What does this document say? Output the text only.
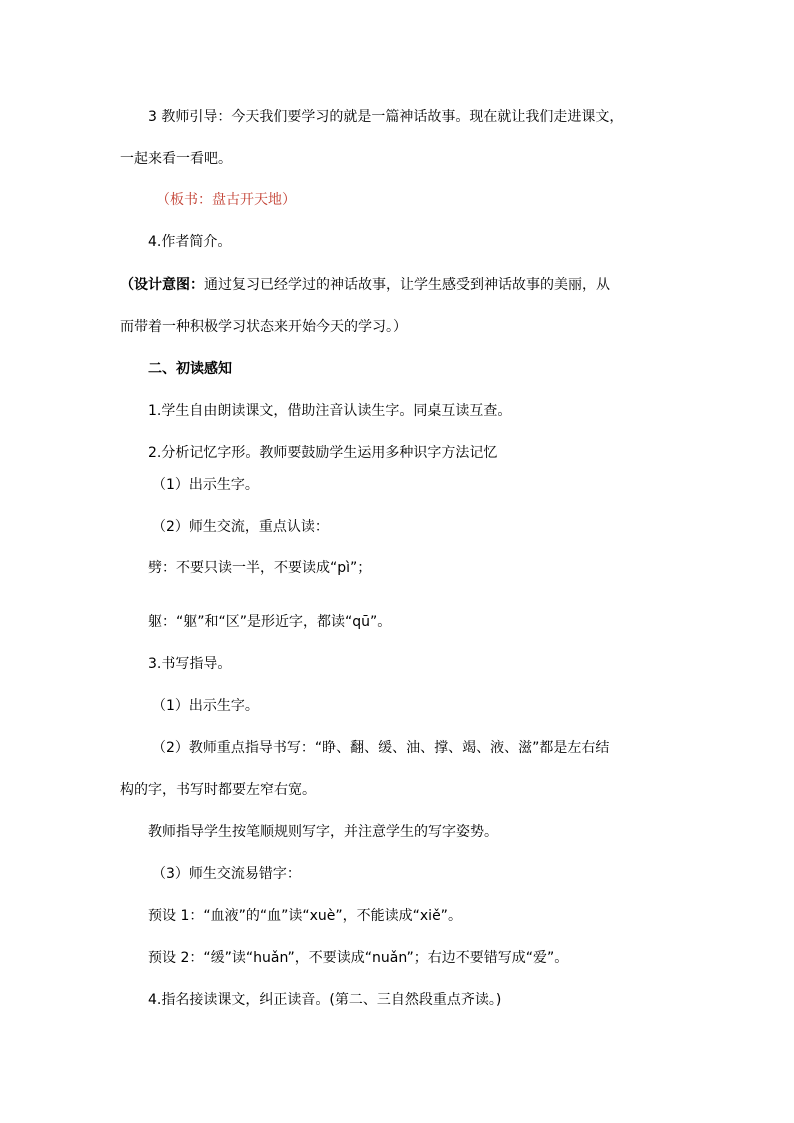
3 教师引导：今天我们要学习的就是一篇神话故事。现在就让我们走进课文，
一起来看一看吧。
（板书：盘古开天地）
4.作者简介。
（设计意图：通过复习已经学过的神话故事，让学生感受到神话故事的美丽，从
而带着一种积极学习状态来开始今天的学习。）
二、初读感知
1.学生自由朗读课文，借助注音认读生字。同桌互读互查。
2.分析记忆字形。教师要鼓励学生运用多种识字方法记忆
（1）出示生字。
（2）师生交流，重点认读：
劈：不要只读一半，不要读成“pì”；
躯：“躯”和“区”是形近字，都读“qū”。
3.书写指导。
（1）出示生字。
（2）教师重点指导书写：“睁、翻、缓、油、撑、竭、液、滋”都是左右结
构的字，书写时都要左窄右宽。
教师指导学生按笔顺规则写字，并注意学生的写字姿势。
（3）师生交流易错字：
预设 1：“血液”的“血”读“xuè”，不能读成“xiě”。
预设 2：“缓”读“huǎn”，不要读成“nuǎn”；右边不要错写成“爱”。
4.指名接读课文，纠正读音。(第二、三自然段重点齐读。)
